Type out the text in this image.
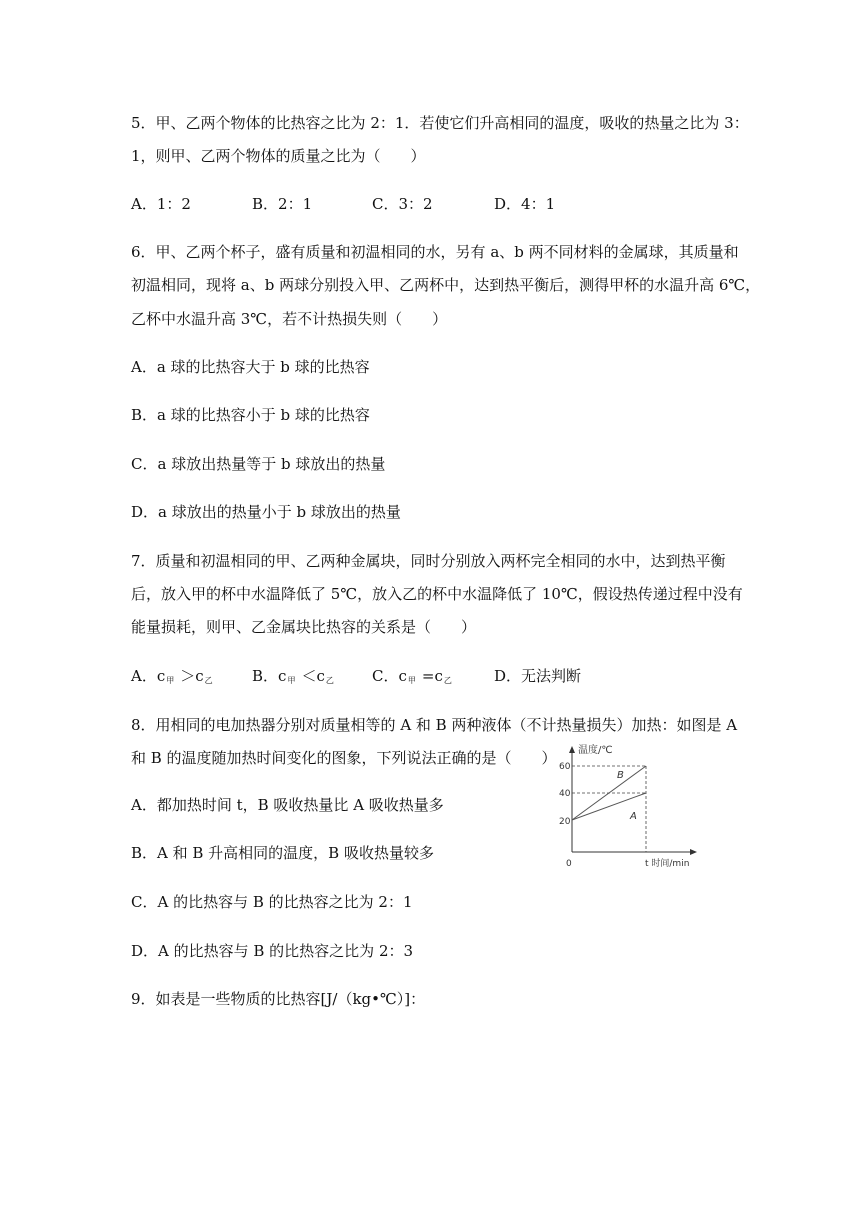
5．甲、乙两个物体的比热容之比为 2：1．若使它们升高相同的温度，吸收的热量之比为 3：
1，则甲、乙两个物体的质量之比为（　　）
A．1：2	B．2：1	C．3：2	D．4：1
6．甲、乙两个杯子，盛有质量和初温相同的水，另有 a、b 两不同材料的金属球，其质量和
初温相同，现将 a、b 两球分别投入甲、乙两杯中，达到热平衡后，测得甲杯的水温升高 6℃，
乙杯中水温升高 3℃，若不计热损失则（　　）
A．a 球的比热容大于 b 球的比热容
B．a 球的比热容小于 b 球的比热容
C．a 球放出热量等于 b 球放出的热量
D．a 球放出的热量小于 b 球放出的热量
7．质量和初温相同的甲、乙两种金属块，同时分别放入两杯完全相同的水中，达到热平衡
后，放入甲的杯中水温降低了 5℃，放入乙的杯中水温降低了 10℃，假设热传递过程中没有
能量损耗，则甲、乙金属块比热容的关系是（　　）
A．$c_甲 >c$乙	B．$c_甲 <c$乙	C．$c_甲 =c$乙	D．无法判断
8．用相同的电加热器分别对质量相等的 A 和 B 两种液体（不计热量损失）加热：如图是 A
和 B 的温度随加热时间变化的图象，下列说法正确的是（　　）
A．都加热时间 t，B 吸收热量比 A 吸收热量多
B．A 和 B 升高相同的温度，B 吸收热量较多
C．A 的比热容与 B 的比热容之比为 2：1
D．A 的比热容与 B 的比热容之比为 2：3
60
40
20
0
温度/℃
t 时间/min
B
A
9．如表是一些物质的比热容[J/（kg•℃）]：
